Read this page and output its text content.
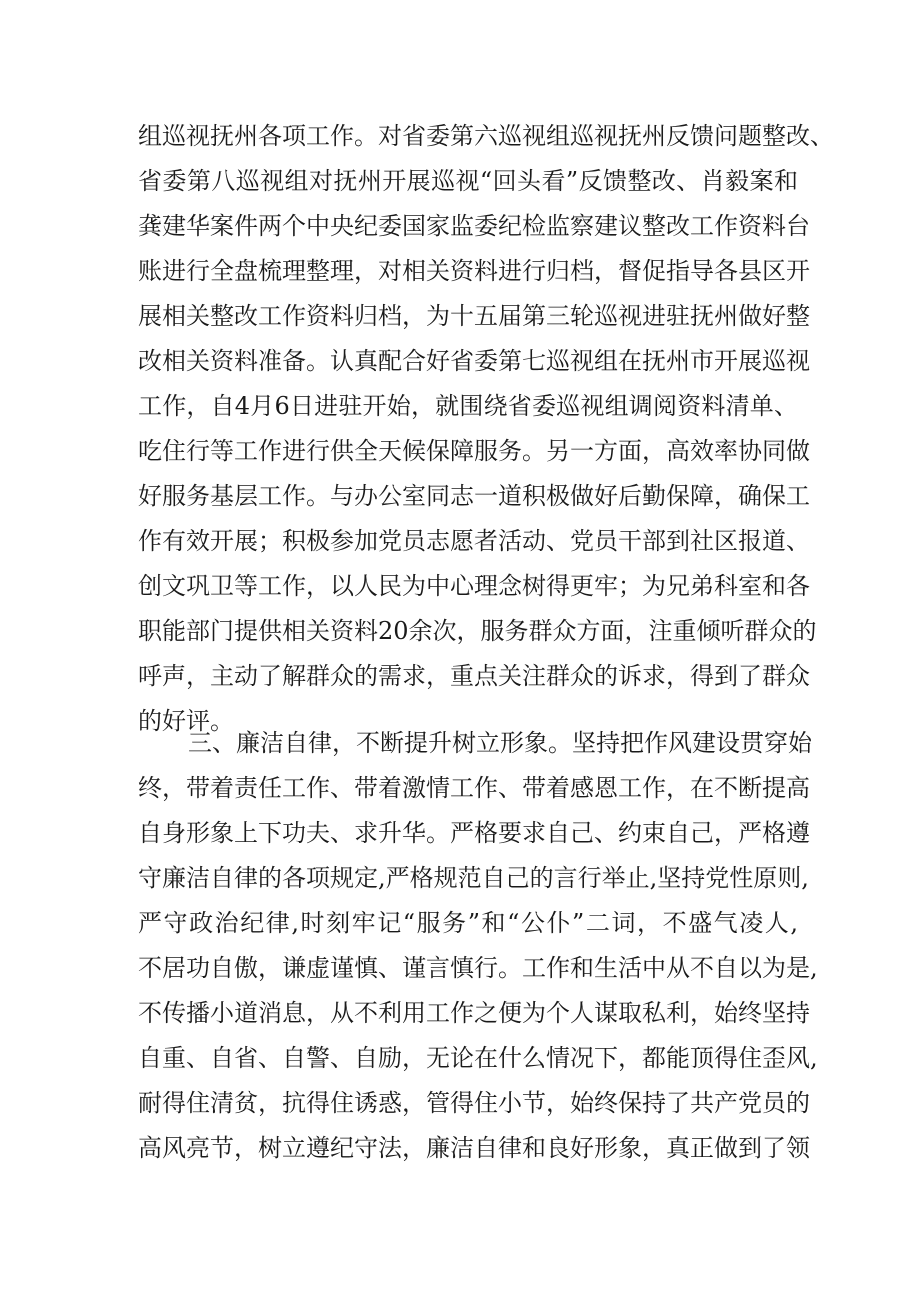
组巡视抚州各项工作。对省委第六巡视组巡视抚州反馈问题整改、
省委第八巡视组对抚州开展巡视“回头看”反馈整改、肖毅案和
龚建华案件两个中央纪委国家监委纪检监察建议整改工作资料台
账进行全盘梳理整理，对相关资料进行归档，督促指导各县区开
展相关整改工作资料归档，为十五届第三轮巡视进驻抚州做好整
改相关资料准备。认真配合好省委第七巡视组在抚州市开展巡视
工作，自4月6日进驻开始，就围绕省委巡视组调阅资料清单、
吃住行等工作进行供全天候保障服务。另一方面，高效率协同做
好服务基层工作。与办公室同志一道积极做好后勤保障，确保工
作有效开展；积极参加党员志愿者活动、党员干部到社区报道、
创文巩卫等工作，以人民为中心理念树得更牢；为兄弟科室和各
职能部门提供相关资料20余次，服务群众方面，注重倾听群众的
呼声，主动了解群众的需求，重点关注群众的诉求，得到了群众
的好评。
三、廉洁自律，不断提升树立形象。坚持把作风建设贯穿始
终，带着责任工作、带着激情工作、带着感恩工作，在不断提高
自身形象上下功夫、求升华。严格要求自己、约束自己，严格遵
守廉洁自律的各项规定,严格规范自己的言行举止,坚持党性原则,
严守政治纪律,时刻牢记“服务”和“公仆”二词，不盛气凌人,
不居功自傲，谦虚谨慎、谨言慎行。工作和生活中从不自以为是,
不传播小道消息，从不利用工作之便为个人谋取私利，始终坚持
自重、自省、自警、自励，无论在什么情况下，都能顶得住歪风,
耐得住清贫，抗得住诱惑，管得住小节，始终保持了共产党员的
高风亮节，树立遵纪守法，廉洁自律和良好形象，真正做到了领
